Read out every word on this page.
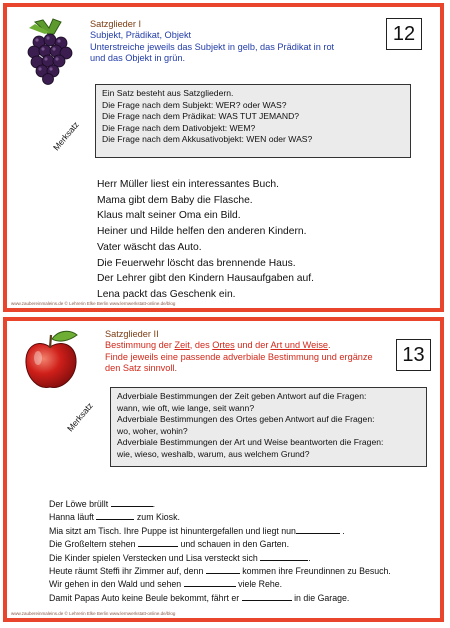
Satzglieder I
Subjekt, Prädikat, Objekt
Unterstreiche jeweils das Subjekt in gelb, das Prädikat in rot
und das Objekt in grün.
12
Merksatz
Ein Satz besteht aus Satzgliedern.
Die Frage nach dem Subjekt: WER? oder WAS?
Die Frage nach dem Prädikat: WAS TUT JEMAND?
Die Frage nach dem Dativobjekt: WEM?
Die Frage nach dem Akkusativobjekt: WEN oder WAS?
Herr Müller liest ein interessantes Buch.
Mama gibt dem Baby die Flasche.
Klaus malt seiner Oma ein Bild.
Heiner und Hilde helfen den anderen Kindern.
Vater wäscht das Auto.
Die Feuerwehr löscht das brennende Haus.
Der Lehrer gibt den Kindern Hausaufgaben auf.
Lena packt das Geschenk ein.
www.zaubereinmaleins.de © Lehrerin Elke Berlin www.lernwerkstatt-online.de/blog
Satzglieder II
Bestimmung der Zeit, des Ortes und der Art und Weise.
Finde jeweils eine passende adverbiale Bestimmung und ergänze
den Satz sinnvoll.
13
Merksatz
Adverbiale Bestimmungen der Zeit geben Antwort auf die Fragen:
wann, wie oft, wie lange, seit wann?
Adverbiale Bestimmungen des Ortes geben Antwort auf die Fragen:
wo, woher, wohin?
Adverbiale Bestimmungen der Art und Weise beantworten die Fragen:
wie, wieso, weshalb, warum, aus welchem Grund?
Der Löwe brüllt	.
Hanna läuft	zum Kiosk.
Mia sitzt am Tisch. Ihre Puppe ist hinuntergefallen und liegt nun	.
Die Großeltern stehen	und schauen in den Garten.
Die Kinder spielen Verstecken und Lisa versteckt sich	.
Heute räumt Steffi ihr Zimmer auf, denn	kommen ihre Freundinnen zu Besuch.
Wir gehen in den Wald und sehen	viele Rehe.
Damit Papas Auto keine Beule bekommt, fährt er	in die Garage.
www.zaubereinmaleins.de © Lehrerin Elke Berlin www.lernwerkstatt-online.de/blog
